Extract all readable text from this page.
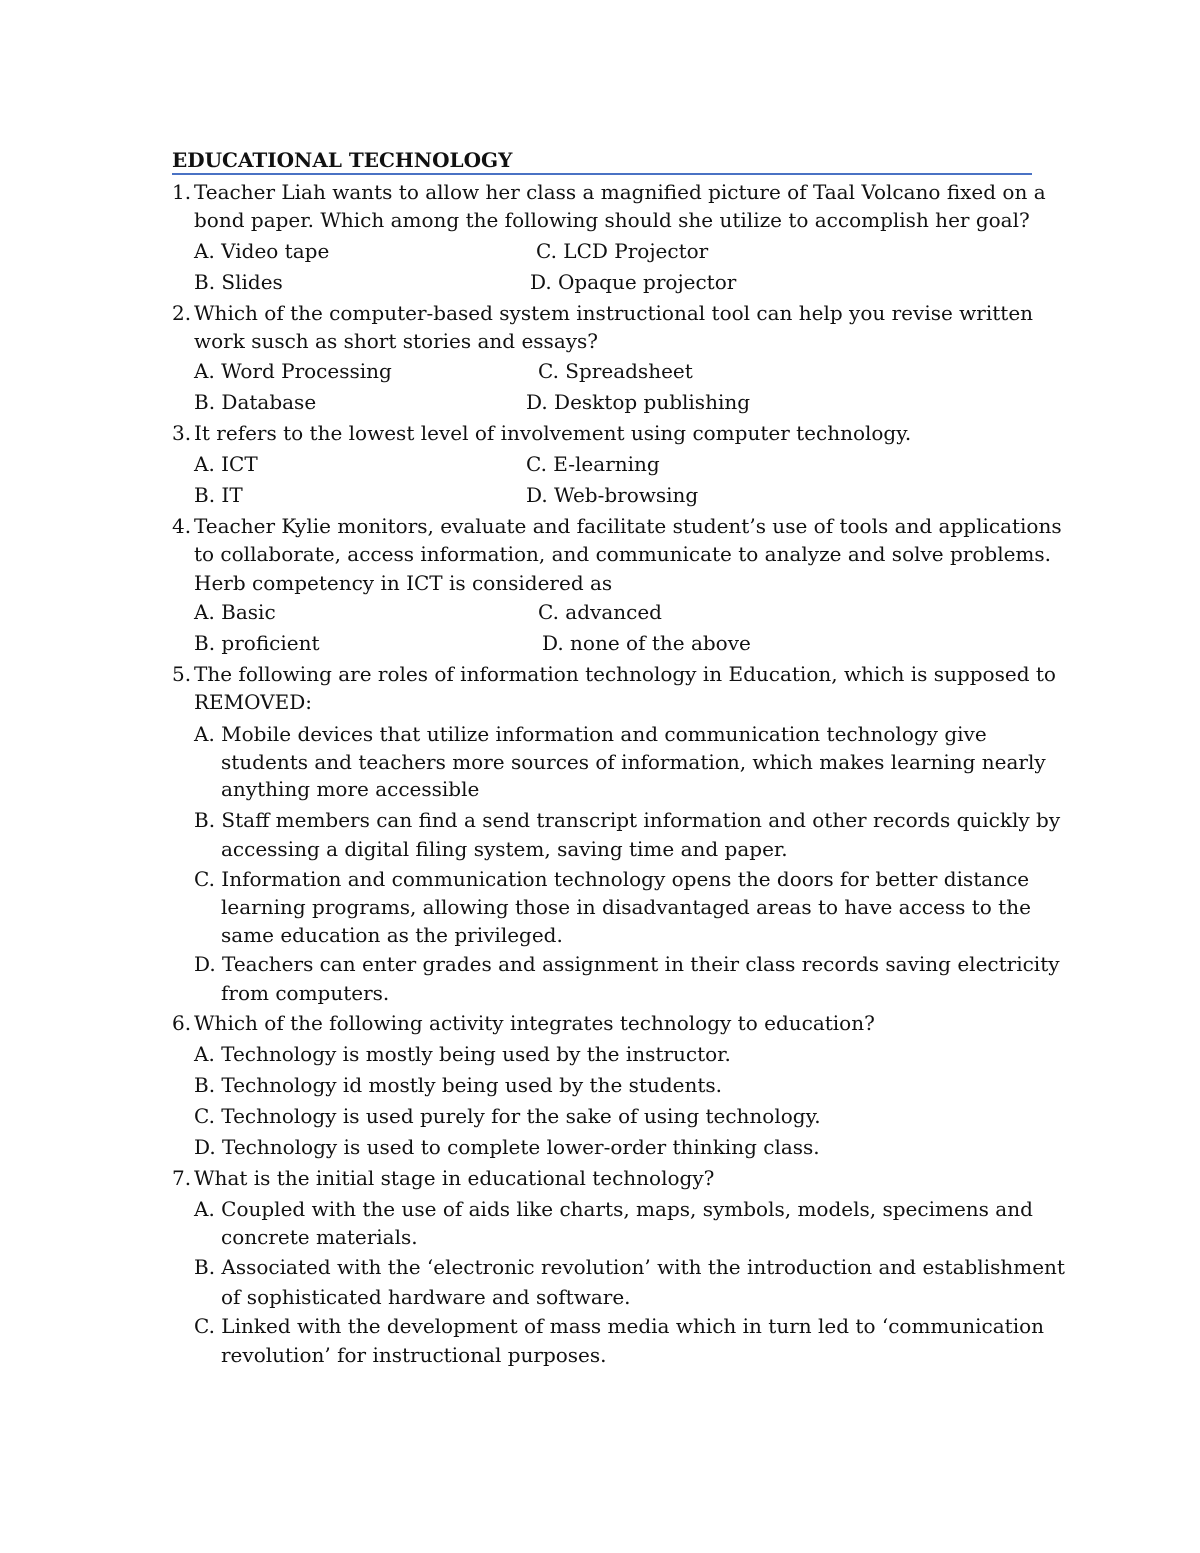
EDUCATIONAL TECHNOLOGY
1. Teacher Liah wants to allow her class a magnified picture of Taal Volcano fixed on a
bond paper. Which among the following should she utilize to accomplish her goal?
A. Video tape	C. LCD Projector
B. Slides	D. Opaque projector
2. Which of the computer-based system instructional tool can help you revise written
work susch as short stories and essays?
A. Word Processing	C. Spreadsheet
B. Database	D. Desktop publishing
3. It refers to the lowest level of involvement using computer technology.
A. ICT	C. E-learning
B. IT	D. Web-browsing
4. Teacher Kylie monitors, evaluate and facilitate student’s use of tools and applications
to collaborate, access information, and communicate to analyze and solve problems.
Herb competency in ICT is considered as
A. Basic	C. advanced
B. proficient	D. none of the above
5. The following are roles of information technology in Education, which is supposed to
REMOVED:
A. Mobile devices that utilize information and communication technology give
students and teachers more sources of information, which makes learning nearly
anything more accessible
B. Staff members can find a send transcript information and other records quickly by
accessing a digital filing system, saving time and paper.
C. Information and communication technology opens the doors for better distance
learning programs, allowing those in disadvantaged areas to have access to the
same education as the privileged.
D. Teachers can enter grades and assignment in their class records saving electricity
from computers.
6. Which of the following activity integrates technology to education?
A. Technology is mostly being used by the instructor.
B. Technology id mostly being used by the students.
C. Technology is used purely for the sake of using technology.
D. Technology is used to complete lower-order thinking class.
7. What is the initial stage in educational technology?
A. Coupled with the use of aids like charts, maps, symbols, models, specimens and
concrete materials.
B. Associated with the ‘electronic revolution’ with the introduction and establishment
of sophisticated hardware and software.
C. Linked with the development of mass media which in turn led to ‘communication
revolution’ for instructional purposes.
